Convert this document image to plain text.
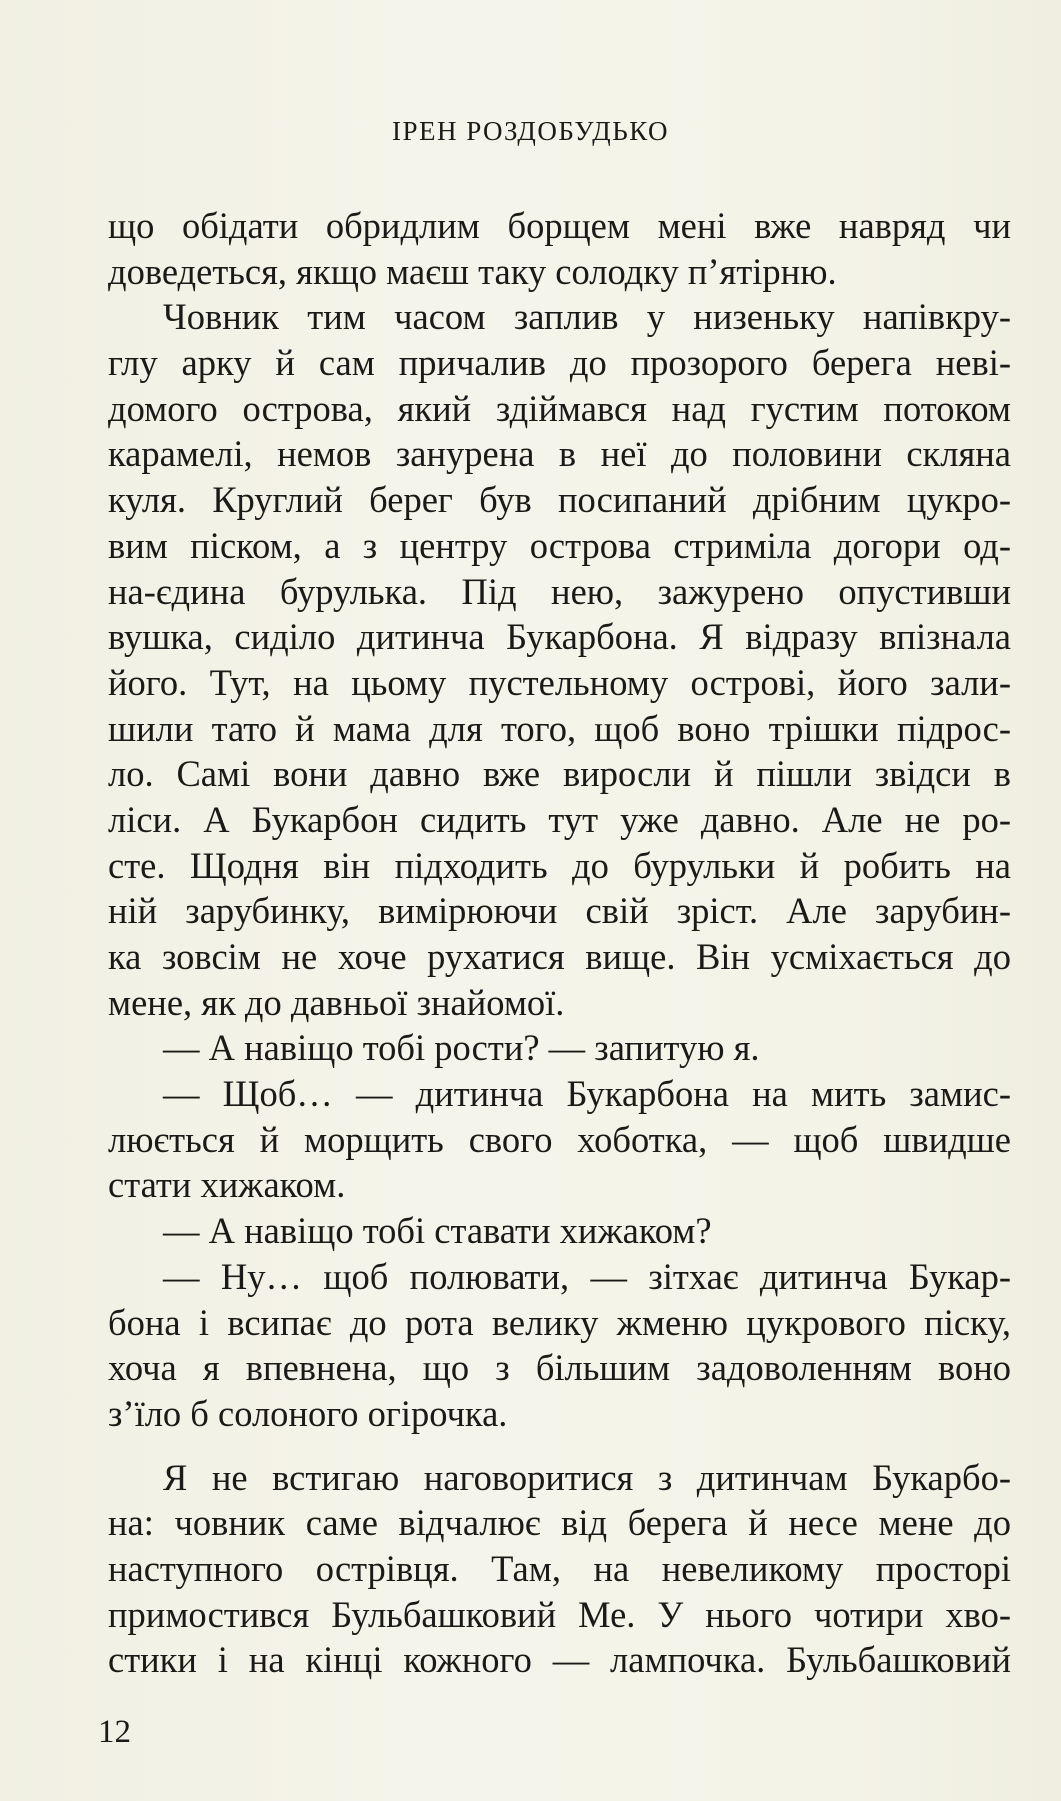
ІРЕН РОЗДОБУДЬКО
що обідати обридлим борщем мені вже навряд чи
доведеться, якщо маєш таку солодку п’ятірню.
Човник тим часом заплив у низеньку напівкру-
глу арку й сам причалив до прозорого берега неві-
домого острова, який здіймався над густим потоком
карамелі, немов занурена в неї до половини скляна
куля. Круглий берег був посипаний дрібним цукро-
вим піском, а з центру острова стриміла догори од-
на-єдина бурулька. Під нею, зажурено опустивши
вушка, сиділо дитинча Букарбона. Я відразу впізнала
його. Тут, на цьому пустельному острові, його зали-
шили тато й мама для того, щоб воно трішки підрос-
ло. Самі вони давно вже виросли й пішли звідси в
ліси. А Букарбон сидить тут уже давно. Але не ро-
сте. Щодня він підходить до бурульки й робить на
ній зарубинку, вимірюючи свій зріст. Але зарубин-
ка зовсім не хоче рухатися вище. Він усміхається до
мене, як до давньої знайомої.
— А навіщо тобі рости? — запитую я.
— Щоб… — дитинча Букарбона на мить замис-
люється й морщить свого хоботка, — щоб швидше
стати хижаком.
— А навіщо тобі ставати хижаком?
— Ну… щоб полювати, — зітхає дитинча Букар-
бона і всипає до рота велику жменю цукрового піску,
хоча я впевнена, що з більшим задоволенням воно
з’їло б солоного огірочка.
Я не встигаю наговоритися з дитинчам Букарбо-
на: човник саме відчалює від берега й несе мене до
наступного острівця. Там, на невеликому просторі
примостився Бульбашковий Ме. У нього чотири хво-
стики і на кінці кожного — лампочка. Бульбашковий
12
